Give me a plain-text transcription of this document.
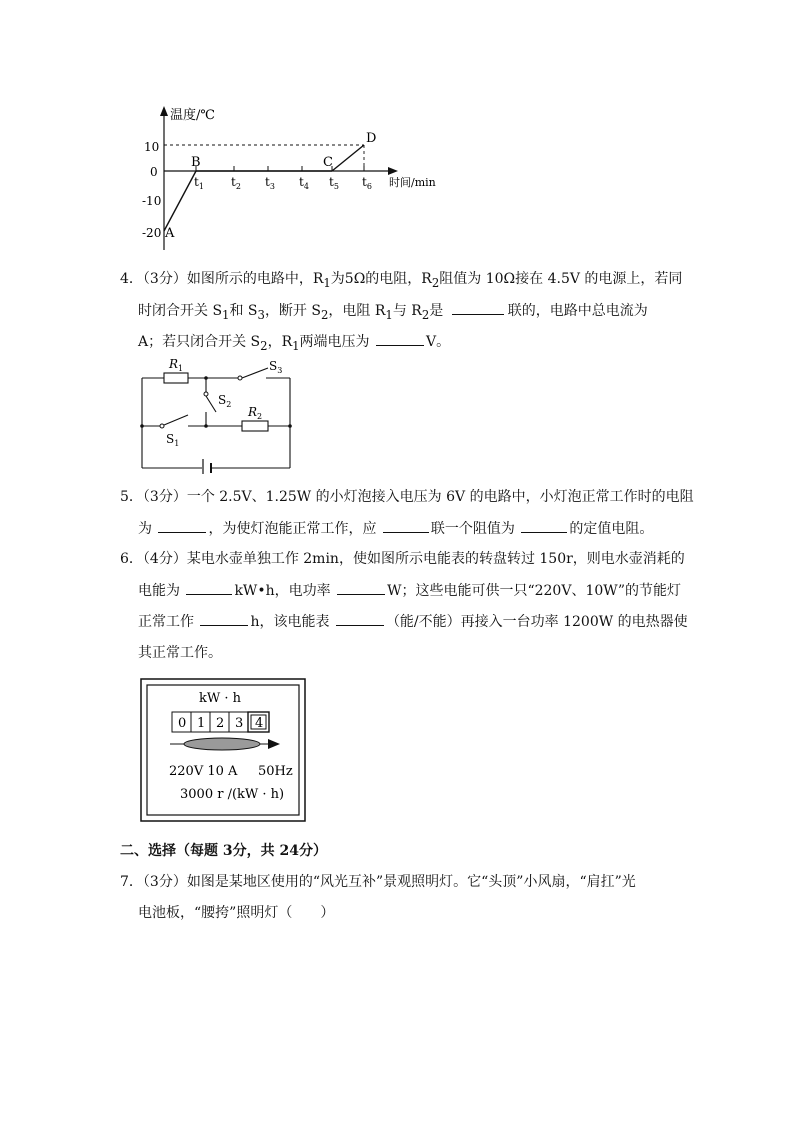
温度/℃
时间/min
10
0
-10
-20 A
B	C
D
$t_1$ $t_2$ $t_3$ $t_4$ $t_5$ $t_6$
4．（3分）如图所示的电路中，$R_1$为5Ω的电阻，$R_2$阻值为 10Ω接在 4.5V 的电源上，若同
时闭合开关 $S_1$和 $S_3$，断开 $S_2$，电阻 $R_1$与 $R_2$是	联的，电路中总电流为
A；若只闭合开关 $S_2$，$R_1$两端电压为	V。
$R_1$	$S_3$
$S_2$
$S_1$
$R_2$
5．（3分）一个 2.5V、1.25W 的小灯泡接入电压为 6V 的电路中，小灯泡正常工作时的电阻
为	，为使灯泡能正常工作，应	联一个阻值为	的定值电阻。
6．（4分）某电水壶单独工作 2min，使如图所示电能表的转盘转过 150r，则电水壶消耗的
电能为	kW•h，电功率	W；这些电能可供一只“220V、10W”的节能灯
正常工作	h，该电能表	（能/不能）再接入一台功率 1200W 的电热器使
其正常工作。
kW · h
0 1 2 3 4
220V 10 A 50Hz
3000 r /(kW · h)
二、选择（每题 3分，共 24分）
7．（3分）如图是某地区使用的“风光互补”景观照明灯。它“头顶”小风扇，“肩扛”光
电池板，“腰挎”照明灯（　　）
